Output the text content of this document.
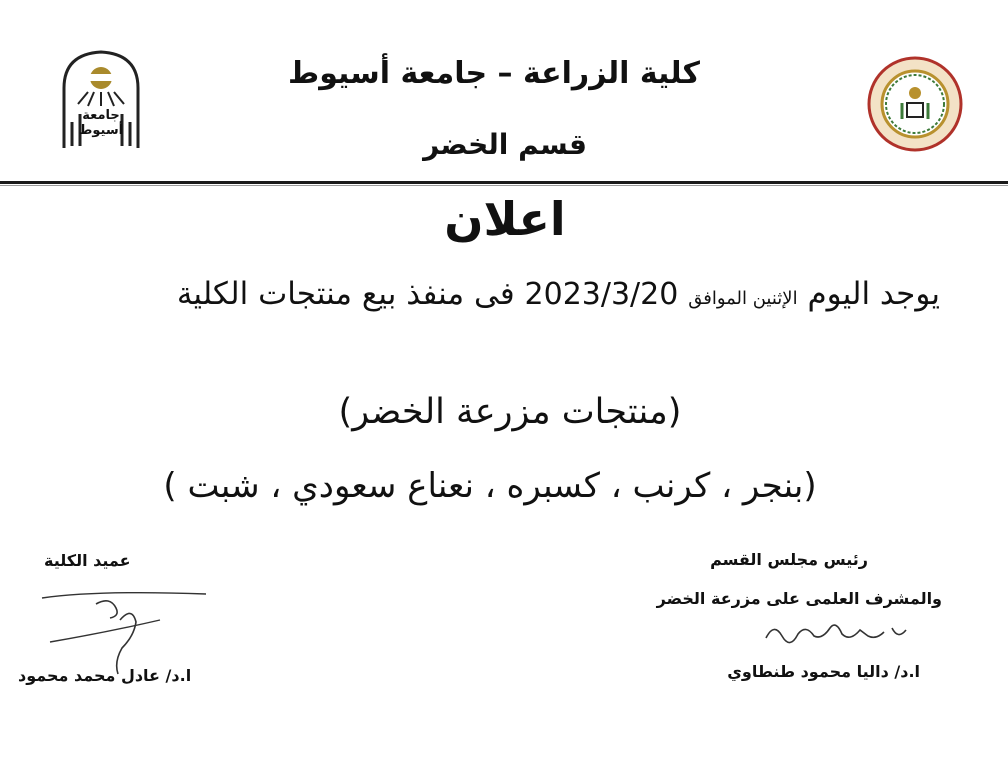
جامعة أسيوط
كلية الزراعة – جامعة أسيوط
قسم الخضر
اعلان
يوجد اليوم الإثنين الموافق 2023/3/20 فى منفذ بيع منتجات الكلية
(منتجات مزرعة الخضر)
(بنجر ، كرنب ، كسبره ، نعناع سعودي ، شبت )
رئيس مجلس القسم
والمشرف العلمى على مزرعة الخضر
ا.د/ داليا محمود طنطاوي
عميد الكلية
ا.د/ عادل محمد محمود
